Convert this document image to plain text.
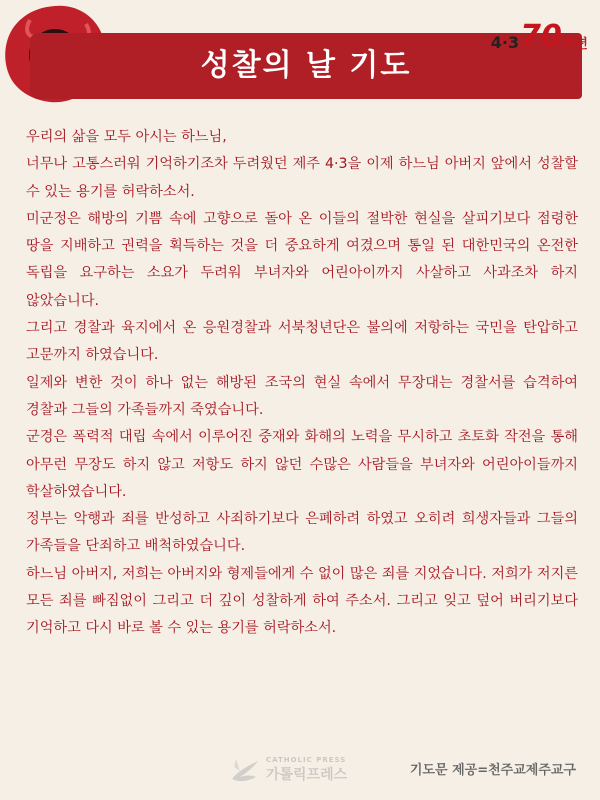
성찰의 날 기도
4·3 70 주년

우리의 삶을 모두 아시는 하느님,

너무나 고통스러워 기억하기조차 두려웠던 제주 4·3을 이제 하느님 아버지 앞에서 성찰할 수 있는 용기를 허락하소서.

미군정은 해방의 기쁨 속에 고향으로 돌아 온 이들의 절박한 현실을 살피기보다 점령한 땅을 지배하고 권력을 획득하는 것을 더 중요하게 여겼으며 통일 된 대한민국의 온전한 독립을 요구하는 소요가 두려워 부녀자와 어린아이까지 사살하고 사과조차 하지 않았습니다.

그리고 경찰과 육지에서 온 응원경찰과 서북청년단은 불의에 저항하는 국민을 탄압하고 고문까지 하였습니다.

일제와 변한 것이 하나 없는 해방된 조국의 현실 속에서 무장대는 경찰서를 습격하여 경찰과 그들의 가족들까지 죽였습니다.

군경은 폭력적 대립 속에서 이루어진 중재와 화해의 노력을 무시하고 초토화 작전을 통해 아무런 무장도 하지 않고 저항도 하지 않던 수많은 사람들을 부녀자와 어린아이들까지 학살하였습니다.

정부는 악행과 죄를 반성하고 사죄하기보다 은폐하려 하였고 오히려 희생자들과 그들의 가족들을 단죄하고 배척하였습니다.

하느님 아버지, 저희는 아버지와 형제들에게 수 없이 많은 죄를 지었습니다. 저희가 저지른 모든 죄를 빠짐없이 그리고 더 깊이 성찰하게 하여 주소서. 그리고 잊고 덮어 버리기보다 기억하고 다시 바로 볼 수 있는 용기를 허락하소서.

CATHOLIC PRESS
가톨릭프레스	기도문 제공=천주교제주교구
